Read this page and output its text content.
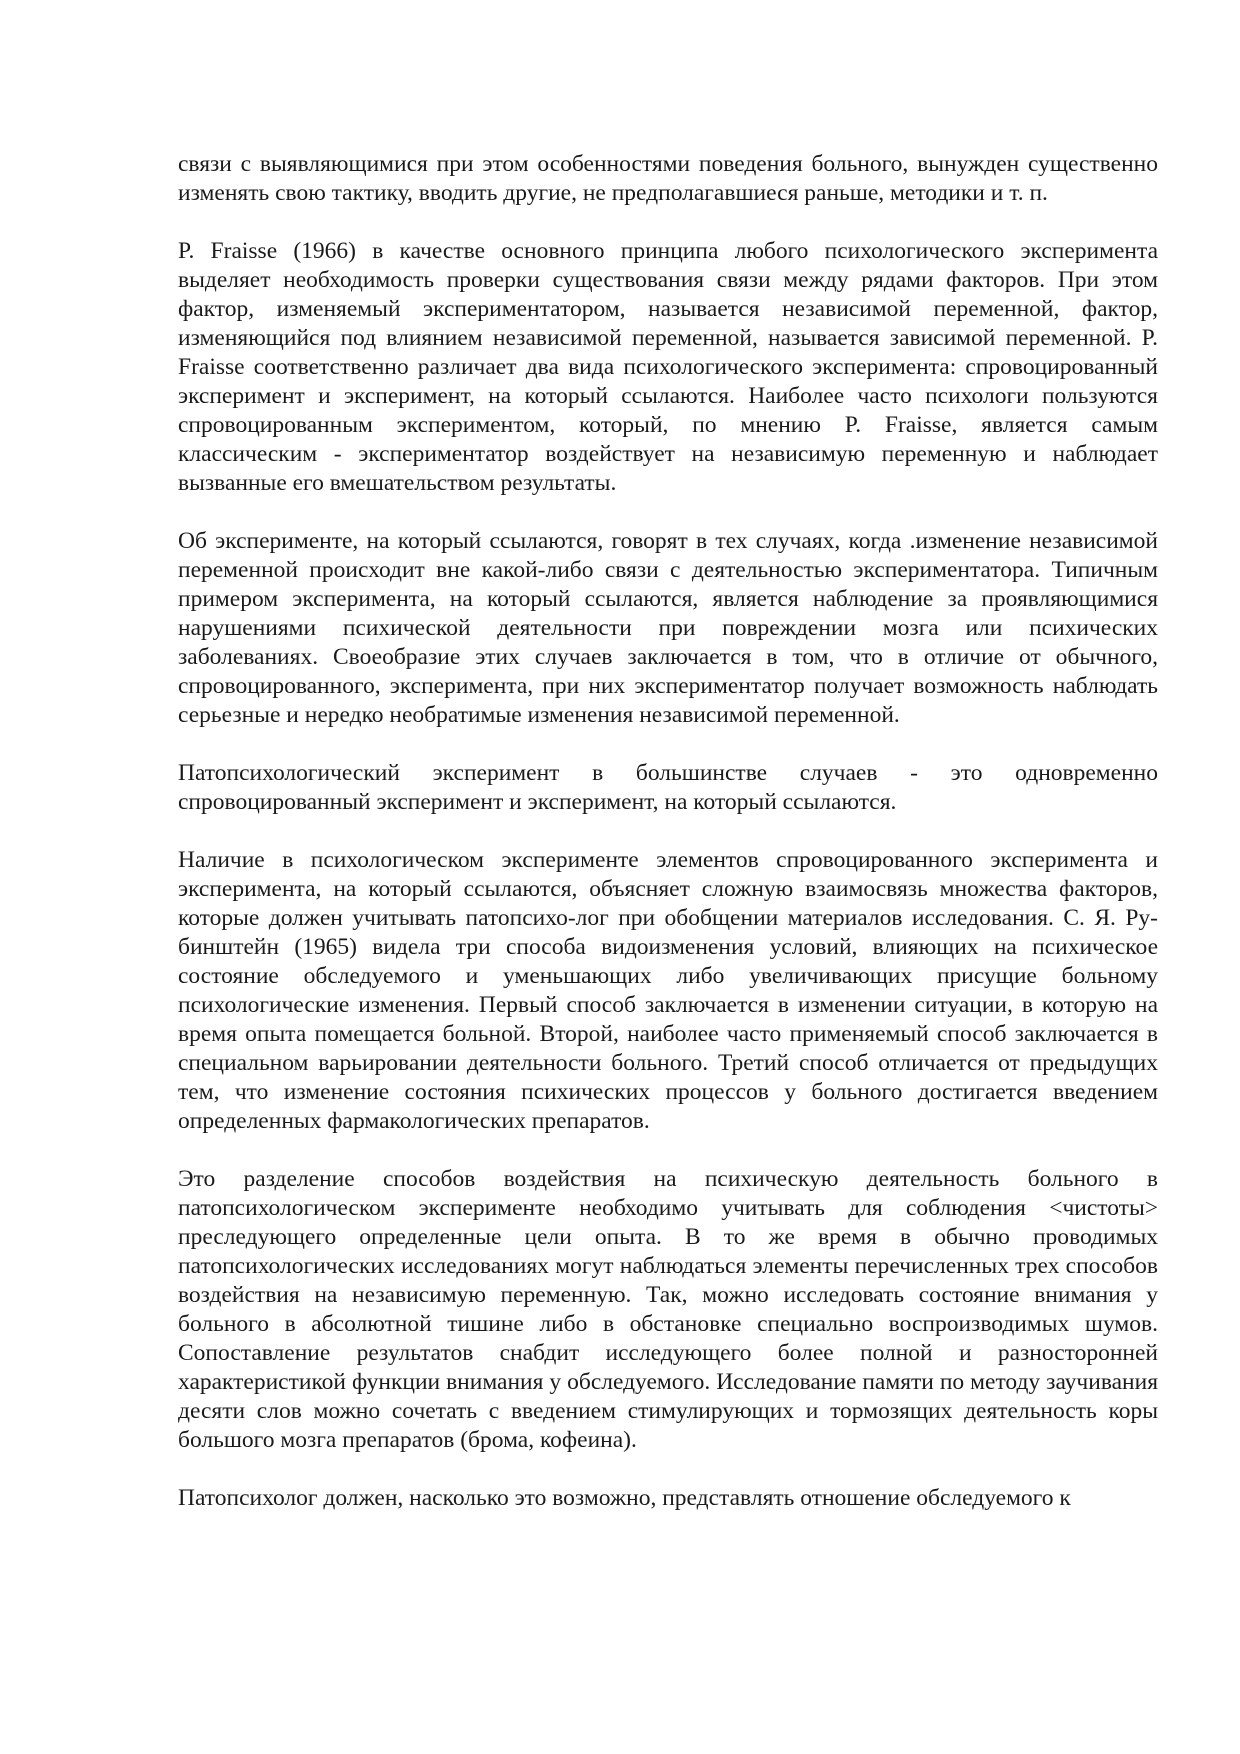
связи с выявляющимися при этом особенностями поведения больного, вынужден существенно изменять свою тактику, вводить другие, не предполагавшиеся раньше, методики и т. п.

P. Fraisse (1966) в качестве основного принципа любого психологического эксперимента выделяет необходимость проверки существования связи между рядами факторов. При этом фактор, изменяемый экспериментатором, называется независимой переменной, фактор, изменяющийся под влиянием независимой переменной, называется зависимой переменной. P. Fraisse соответственно различает два вида психологического эксперимента: спровоцированный эксперимент и эксперимент, на который ссылаются. Наиболее часто психологи пользуются спровоцированным экспериментом, который, по мнению P. Fraisse, является самым классическим - экспериментатор воздействует на независимую переменную и наблюдает вызванные его вмешательством результаты.

Об эксперименте, на который ссылаются, говорят в тех случаях, когда .изменение независимой переменной происходит вне какой-либо связи с деятельностью экспериментатора. Типичным примером эксперимента, на который ссылаются, является наблюдение за проявляющимися нарушениями психической деятельности при повреждении мозга или психических заболеваниях. Своеобразие этих случаев заключается в том, что в отличие от обычного, спровоцированного, эксперимента, при них экспериментатор получает возможность наблюдать серьезные и нередко необратимые изменения независимой переменной.

Патопсихологический эксперимент в большинстве случаев - это одновременно спровоцированный эксперимент и эксперимент, на который ссылаются.

Наличие в психологическом эксперименте элементов спровоцированного эксперимента и эксперимента, на который ссылаются, объясняет сложную взаимосвязь множества факторов, которые должен учитывать патопсихо-лог при обобщении материалов исследования. С. Я. Ру-бинштейн (1965) видела три способа видоизменения условий, влияющих на психическое состояние обследуемого и уменьшающих либо увеличивающих присущие больному психологические изменения. Первый способ заключается в изменении ситуации, в которую на время опыта помещается больной. Второй, наиболее часто применяемый способ заключается в специальном варьировании деятельности больного. Третий способ отличается от предыдущих тем, что изменение состояния психических процессов у больного достигается введением определенных фармакологических препаратов.

Это разделение способов воздействия на психическую деятельность больного в патопсихологическом эксперименте необходимо учитывать для соблюдения <чистоты> преследующего определенные цели опыта. В то же время в обычно проводимых патопсихологических исследованиях могут наблюдаться элементы перечисленных трех способов воздействия на независимую переменную. Так, можно исследовать состояние внимания у больного в абсолютной тишине либо в обстановке специально воспроизводимых шумов. Сопоставление результатов снабдит исследующего более полной и разносторонней характеристикой функции внимания у обследуемого. Исследование памяти по методу заучивания десяти слов можно сочетать с введением стимулирующих и тормозящих деятельность коры большого мозга препаратов (брома, кофеина).

Патопсихолог должен, насколько это возможно, представлять отношение обследуемого к
